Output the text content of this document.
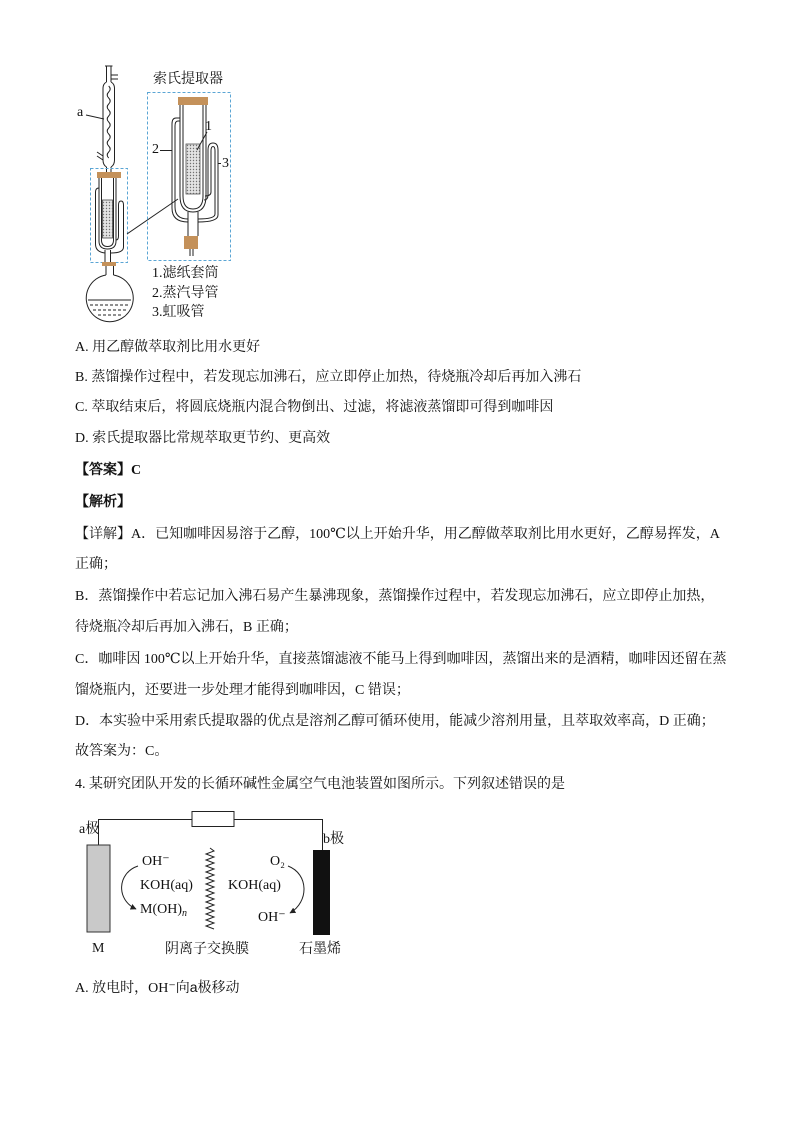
a
索氏提取器
1
2
3
1.滤纸套筒
2.蒸汽导管
3.虹吸管
A. 用乙醇做萃取剂比用水更好
B. 蒸馏操作过程中，若发现忘加沸石，应立即停止加热，待烧瓶冷却后再加入沸石
C. 萃取结束后，将圆底烧瓶内混合物倒出、过滤，将滤液蒸馏即可得到咖啡因
D. 索氏提取器比常规萃取更节约、更高效
【答案】C
【解析】
【详解】A．已知咖啡因易溶于乙醇，100℃以上开始升华，用乙醇做萃取剂比用水更好，乙醇易挥发，A
正确；
B．蒸馏操作中若忘记加入沸石易产生暴沸现象，蒸馏操作过程中，若发现忘加沸石，应立即停止加热，
待烧瓶冷却后再加入沸石，B 正确；
C．咖啡因 100℃以上开始升华，直接蒸馏滤液不能马上得到咖啡因，蒸馏出来的是酒精，咖啡因还留在蒸
馏烧瓶内，还要进一步处理才能得到咖啡因，C 错误；
D．本实验中采用索氏提取器的优点是溶剂乙醇可循环使用，能减少溶剂用量，且萃取效率高，D 正确；
故答案为：C。
4. 某研究团队开发的长循环碱性金属空气电池装置如图所示。下列叙述错误的是
a极
b极
OH⁻
KOH(aq)
$M(OH)_n$
O₂
KOH(aq)
OH⁻
M	阴离子交换膜	石墨烯
A. 放电时，OH⁻向a极移动
